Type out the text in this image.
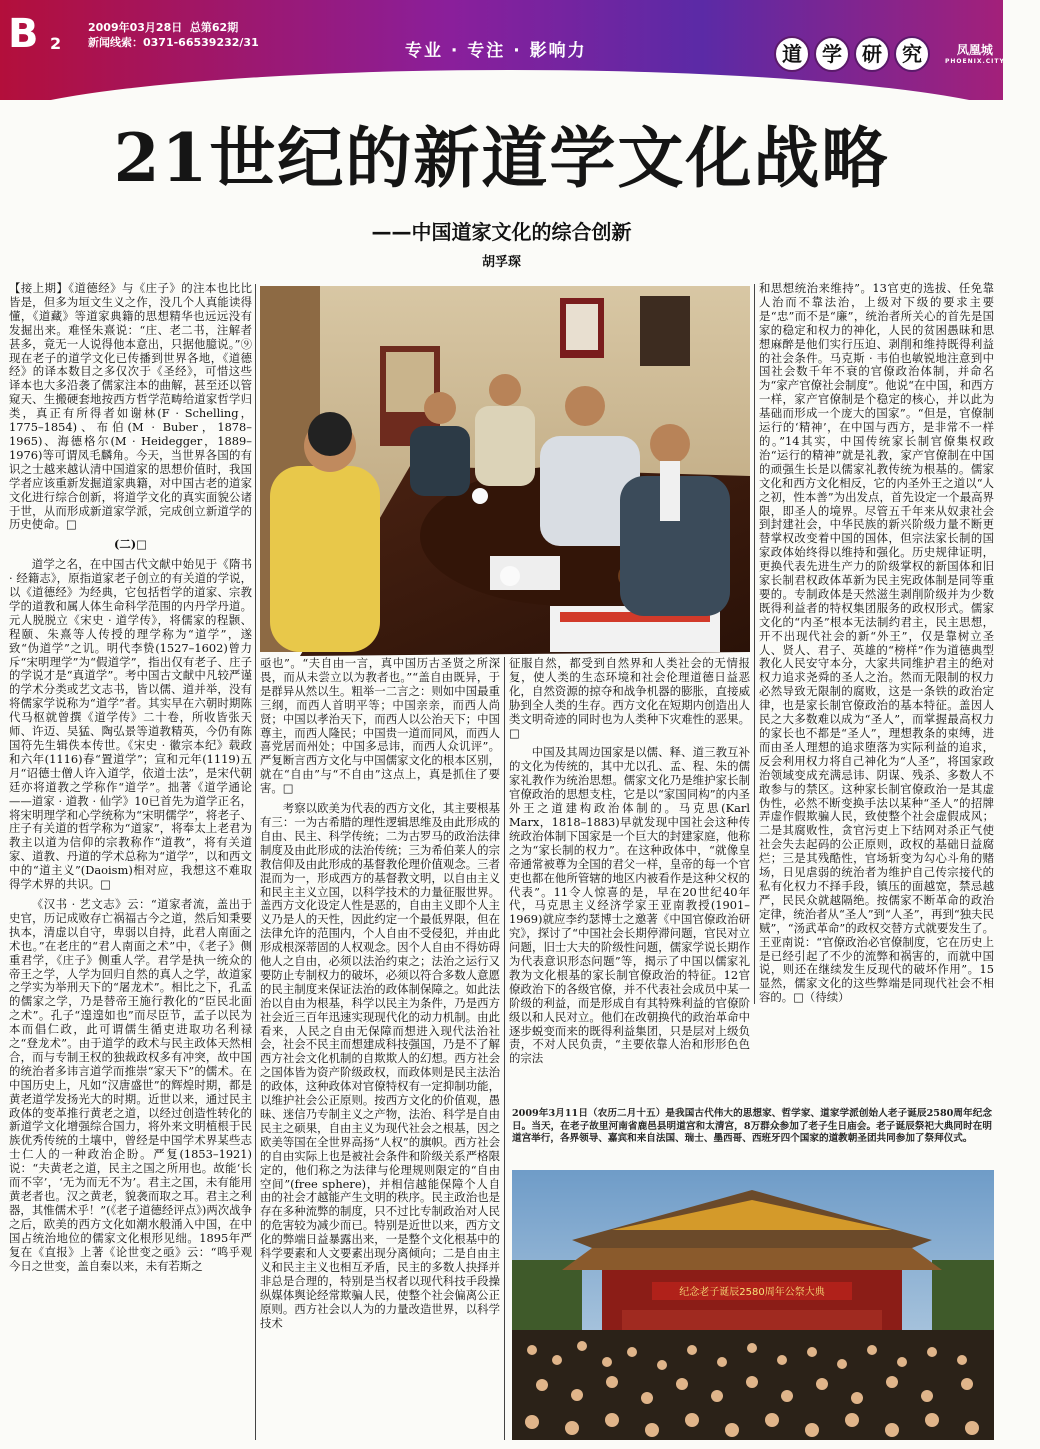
B 2
2009年03月28日 总第62期
新闻线索：0371-66539232/31	专业 · 专注 · 影响力	道	学	研	究	凤凰城
PHOENIX.CITY
21世纪的新道学文化战略
——中国道家文化的综合创新
胡孚琛

【接上期】《道德经》与《庄子》的注本也比比皆是，但多为垣文生义之作，没几个人真能读得懂，《道藏》等道家典籍的思想精华也远远没有发掘出来。难怪朱熹说：“庄、老二书，注解者甚多，竟无一人说得他本意出，只据他臆说。”⑨现在老子的道学文化已传播到世界各地，《道德经》的译本数目之多仅次于《圣经》，可惜这些译本也大多沿袭了儒家注本的曲解，甚至还以管窥天、生搬硬套地按西方哲学范畴给道家哲学归类，真正有所得者如谢林(F · Schelling，1775–1854)、布伯(M · Buber，1878–1965)、海德格尔(M · Heidegger，1889–1976)等可谓凤毛麟角。今天，当世界各国的有识之士越来越认清中国道家的思想价值时，我国学者应该重新发掘道家典籍，对中国古老的道家文化进行综合创新，将道学文化的真实面貌公诸于世，从而形成新道家学派，完成创立新道学的历史使命。□

(二)□

道学之名，在中国古代文献中始见于《隋书 · 经籍志》，原指道家老子创立的有关道的学说，以《道德经》为经典，它包括哲学的道家、宗教学的道教和属人体生命科学范围的内丹学丹道。元人脱脱立《宋史 · 道学传》，将儒家的程颢、程颐、朱熹等人传授的理学称为“道学”，遂致“伪道学”之讥。明代李贽(1527–1602)曾力斥“宋明理学”为“假道学”，指出仅有老子、庄子的学说才是“真道学”。考中国古文献中凡较严谨的学术分类或艺文志书，皆以儒、道并举，没有将儒家学说称为“道学”者。其实早在六朝时期陈代马枢就曾撰《道学传》二十卷，所收皆张天师、许迈、吴猛、陶弘景等道教精英，今仍有陈国符先生辑佚本传世。《宋史 · 徽宗本纪》载政和六年(1116)春“置道学”；宣和元年(1119)五月“诏德士僧人许入道学，依道士法”，是宋代朝廷亦将道教之学称作“道学”。拙著《道学通论——道家 · 道教 · 仙学》10已首先为道学正名，将宋明理学和心学统称为“宋明儒学”，将老子、庄子有关道的哲学称为“道家”，将奉太上老君为教主以道为信仰的宗教称作“道教”，将有关道家、道教、丹道的学术总称为“道学”，以和西文中的“道主义”(Daoism)相对应，我想这不难取得学术界的共识。□

《汉书 · 艺文志》云：“道家者流，盖出于史官，历记成败存亡祸福古今之道，然后知秉要执本，清虚以自守，卑弱以自持，此君人南面之术也。”在老庄的“君人南面之术”中，《老子》侧重君学，《庄子》侧重人学。君学是执一统众的帝王之学，人学为回归自然的真人之学，故道家之学实为举刑天下的“屠龙术”。相比之下，孔孟的儒家之学，乃是替帝王施行教化的“臣民北面之术”。孔子“遑遑如也”而尽臣节，孟子以民为本而倡仁政，此可谓儒生循吏进取功名利禄之“登龙术”。由于道学的政术与民主政体天然相合，而与专制王权的独裁政权多有冲突，故中国的统治者多讳言道学而推崇“家天下”的儒术。在中国历史上，凡如“汉唐盛世”的辉煌时期，都是黄老道学发扬光大的时期。近世以来，通过民主政体的变革推行黄老之道，以经过创造性转化的新道学文化增强综合国力，将外来文明植根于民族优秀传统的土壤中，曾经是中国学术界某些志士仁人的一种政治企盼。严复(1853–1921)说：“夫黄老之道，民主之国之所用也。故能‘长而不宰’，‘无为而无不为’。君主之国，未有能用黄老者也。汉之黄老，貌袭而取之耳。君主之利器，其惟儒术乎！”(《老子道德经评点》)两次战争之后，欧美的西方文化如潮水般涌入中国，在中国占统治地位的儒家文化根形见绌。1895年严复在《直报》上著《论世变之亟》云：“鸣乎观今日之世变，盖自秦以来，未有若斯之

亟也”。“夫自由一言，真中国历古圣贤之所深畏，而从未尝立以为教者也。”“盖自由既异，于是群异从然以生。粗举一二言之：则如中国最重三纲，而西人首明平等；中国亲亲，而西人尚贤；中国以孝治天下，而西人以公治天下；中国尊主，而西人隆民；中国贵一道而同风，而西人喜党居而州处；中国多忌讳，而西人众讥评”。严复断言西方文化与中国儒家文化的根本区别，就在“自由”与“不自由”这点上，真是抓住了要害。□

考察以欧美为代表的西方文化，其主要根基有三：一为古希腊的理性逻辑思维及由此形成的自由、民主、科学传统；二为古罗马的政治法律制度及由此形成的法治传统；三为希伯莱人的宗教信仰及由此形成的基督教伦理价值观念。三者混而为一，形成西方的基督教文明，以自由主义和民主主义立国，以科学技术的力量征服世界。盖西方文化设定人性是恶的，自由主义即个人主义乃是人的天性，因此约定一个最低界限，但在法律允许的范围内，个人自由不受侵犯，并由此形成根深蒂固的人权观念。因个人自由不得妨碍他人之自由，必须以法治约束之；法治之运行又要防止专制权力的破坏，必须以符合多数人意愿的民主制度来保证法治的政体制保障之。如此法治以自由为根基，科学以民主为条件，乃是西方社会近三百年迅速实现现代化的动力机制。由此看来，人民之自由无保障而想进入现代法治社会，社会不民主而想建成科技强国，乃是不了解西方社会文化机制的自欺欺人的幻想。西方社会之国体皆为资产阶级政权，而政体则是民主法治的政体，这种政体对官僚特权有一定抑制功能，以维护社会公正原则。按西方文化的价值观，愚昧、迷信乃专制主义之产物，法治、科学是自由民主之硕果，自由主义为现代社会之根基，因之欧美等国在全世界高扬“人权”的旗帜。西方社会的自由实际上也是被社会条件和阶级关系严格限定的，他们称之为法律与伦理规则限定的“自由空间”(free sphere)，并相信越能保障个人自由的社会才越能产生文明的秩序。民主政治也是存在多种流弊的制度，只不过比专制政治对人民的危害较为减少而已。特别是近世以来，西方文化的弊端日益暴露出来，一是整个文化根基中的科学要素和人文要素出现分离倾向；二是自由主义和民主主义也相互矛盾，民主的多数人抉择并非总是合理的，特别是当权者以现代科技手段操纵媒体舆论经常欺骗人民，使整个社会偏离公正原则。西方社会以人为的力量改造世界，以科学技术

征服自然，都受到自然界和人类社会的无情报复，使人类的生态环境和社会伦理道德日益恶化，自然资源的掠夺和战争机器的膨胀，直接威胁到全人类的生存。西方文化在短期内创造出人类文明奇迹的同时也为人类种下灾难性的恶果。□

中国及其周边国家是以儒、释、道三教互补的文化为传统的，其中尤以孔、孟、程、朱的儒家礼教作为统治思想。儒家文化乃是维护家长制官僚政治的思想支柱，它是以“家国同构”的内圣外王之道建构政治体制的。马克思(Karl Marx，1818–1883)早就发现中国社会这种传统政治体制下国家是一个巨大的封建家庭，他称之为“家长制的权力”。在这种政体中，“就像皇帝通常被尊为全国的君父一样，皇帝的每一个官吏也都在他所管辖的地区内被看作是这种父权的代表”。11令人惊喜的是，早在20世纪40年代，马克思主义经济学家王亚南教授(1901–1969)就应李约瑟博士之邀著《中国官僚政治研究》，探讨了“中国社会长期停滞问题，官民对立问题，旧士大夫的阶级性问题，儒家学说长期作为代表意识形态问题”等，揭示了中国以儒家礼教为文化根基的家长制官僚政治的特征。12官僚政治下的各级官僚，并不代表社会成员中某一阶级的利益，而是形成自有其特殊利益的官僚阶级以和人民对立。他们在改朝换代的政治革命中逐步蜕变而来的既得利益集团，只是层对上级负责，不对人民负责，“主要依靠人治和形形色色的宗法

和思想统治来维持”。13官吏的选拔、任免靠人治而不靠法治，上级对下级的要求主要是“忠”而不是“廉”，统治者所关心的首先是国家的稳定和权力的神化，人民的贫困愚昧和思想麻醉是他们实行压迫、剥削和维持既得利益的社会条件。马克斯 · 韦伯也敏锐地注意到中国社会数千年不衰的官僚政治体制，并命名为“家产官僚社会制度”。他说“在中国，和西方一样，家产官僚制是个稳定的核心，并以此为基础而形成一个庞大的国家”。“但是，官僚制运行的‘精神’，在中国与西方，是非常不一样的。”14其实，中国传统家长制官僚集权政治“运行的精神”就是礼教，家产官僚制在中国的顽强生长是以儒家礼教传统为根基的。儒家文化和西方文化相反，它的内圣外王之道以“人之初，性本善”为出发点，首先设定一个最高界限，即圣人的境界。尽管五千年来从奴隶社会到封建社会，中华民族的新兴阶级力量不断更替掌权改变着中国的国体，但宗法家长制的国家政体始终得以维持和强化。历史规律证明，更换代表先进生产力的阶级掌权的新国体和旧家长制君权政体革新为民主宪政体制是同等重要的。专制政体是天然滋生剥削阶级并为少数既得利益者的特权集团服务的政权形式。儒家文化的“内圣”根本无法制约君主，民主思想，开不出现代社会的新“外王”，仅是靠树立圣人、贤人、君子、英雄的“榜样”作为道德典型教化人民安守本分，大家共同维护君主的绝对权力追求尧舜的圣人之治。然而无限制的权力必然导致无限制的腐败，这是一条铁的政治定律，也是家长制官僚政治的基本特征。盖因人民之大多数难以成为“圣人”，而掌握最高权力的家长也不都是“圣人”，理想教条的束缚，进而由圣人理想的追求堕落为实际利益的追求，反会利用权力将自己神化为“人圣”，将国家政治领域变成充满忌讳、阴谋、残杀、多数人不敢参与的禁区。这种家长制官僚政治一是其虚伪性，必然不断变换手法以某种“圣人”的招牌弄虚作假欺骗人民，致使整个社会虚假成风；二是其腐败性，贪官污吏上下结网对杀正气使社会失去起码的公正原则，政权的基础日益腐烂；三是其残酷性，官场斩变为勾心斗角的赌场，日见虐弱的统治者为维护自己传宗接代的私有化权力不择手段，镇压的面越宽，禁忌越严，民民众就越隔绝。按儒家不断革命的政治定律，统治者从“圣人”到“人圣”，再到“独夫民贼”，“汤武革命”的政权交替方式就要发生了。王亚南说：“官僚政治必官僚制度，它在历史上是已经引起了不少的流弊和祸害的，而就中国说，则还在继续发生反现代的破坏作用”。15显然，儒家文化的这些弊端是同现代社会不相容的。□（待续）

2009年3月11日（农历二月十五）是我国古代伟大的思想家、哲学家、道家学派创始人老子诞辰2580周年纪念日。当天，在老子故里河南省鹿邑县明道宫和太清宫，8万群众参加了老子生日庙会。老子诞辰祭祀大典同时在明道宫举行，各界领导、嘉宾和来自法国、瑞士、墨西哥、西班牙四个国家的道教朝圣团共同参加了祭拜仪式。
纪念老子诞辰2580周年公祭大典
